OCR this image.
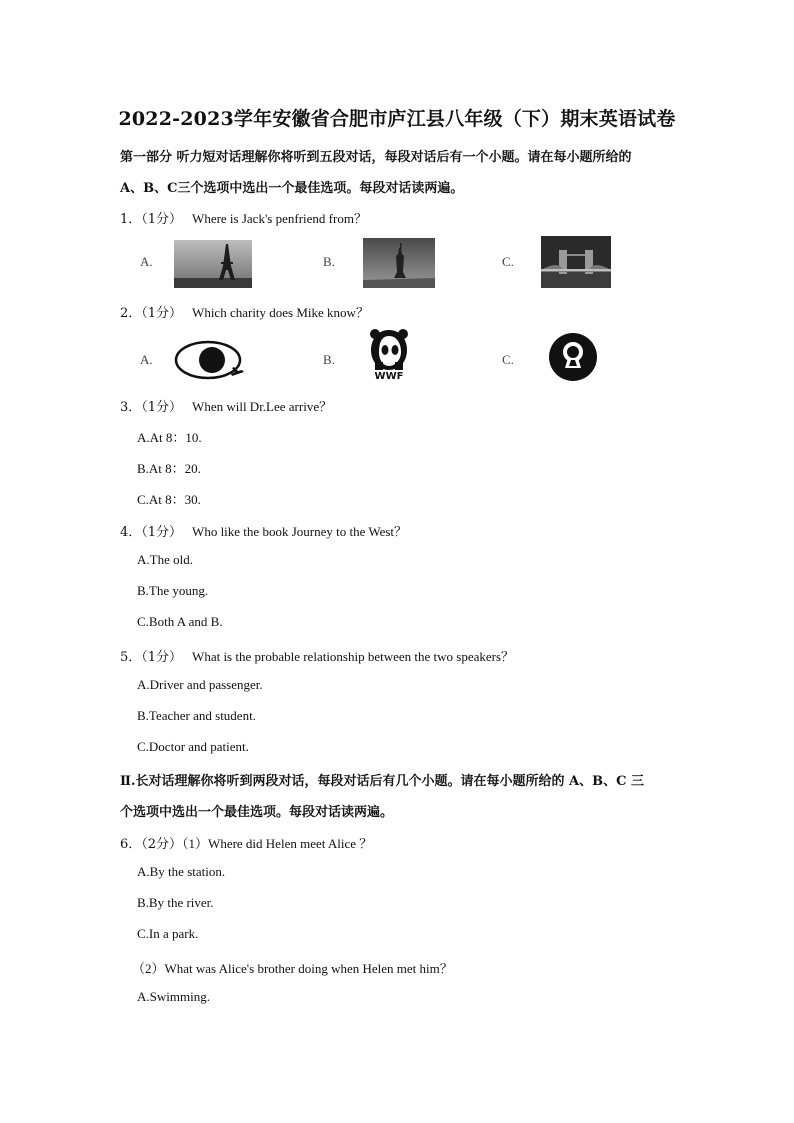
2022-2023学年安徽省合肥市庐江县八年级（下）期末英语试卷
第一部分 听力短对话理解你将听到五段对话，每段对话后有一个小题。请在每小题所给的
A、B、C三个选项中选出一个最佳选项。每段对话读两遍。
1．（1分） Where is Jack's penfriend from？
A.	B.	C.
2．（1分） Which charity does Mike know？
A.	B.
WWF
C.
3．（1分） When will Dr.Lee arrive？
A.At 8：10.
B.At 8：20.
C.At 8：30.
4．（1分） Who like the book Journey to the West？
A.The old.
B.The young.
C.Both A and B.
5．（1分） What is the probable relationship between the two speakers？
A.Driver and passenger.
B.Teacher and student.
C.Doctor and patient.
Ⅱ.长对话理解你将听到两段对话，每段对话后有几个小题。请在每小题所给的 A、B、C 三
个选项中选出一个最佳选项。每段对话读两遍。
6．（2分）（1）Where did Helen meet Alice ？
A.By the station.
B.By the river.
C.In a park.
（2）What was Alice's brother doing when Helen met him？
A.Swimming.
